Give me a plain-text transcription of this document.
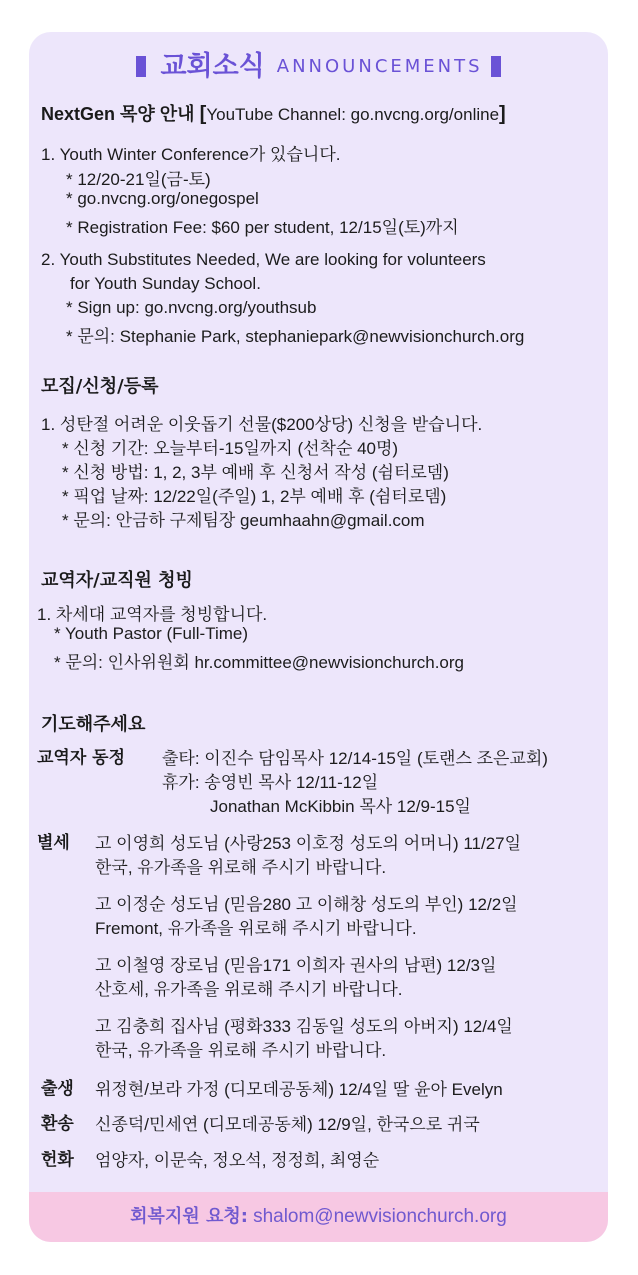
교회소식 ANNOUNCEMENTS
NextGen 목양 안내 [YouTube Channel: go.nvcng.org/online]
1. Youth Winter Conference가 있습니다.
* 12/20-21일(금-토)
* go.nvcng.org/onegospel
* Registration Fee: $60 per student, 12/15일(토)까지
2. Youth Substitutes Needed, We are looking for volunteers
for Youth Sunday School.
* Sign up: go.nvcng.org/youthsub
* 문의: Stephanie Park, stephaniepark@newvisionchurch.org
모집/신청/등록
1. 성탄절 어려운 이웃돕기 선물($200상당) 신청을 받습니다.
* 신청 기간: 오늘부터-15일까지 (선착순 40명)
* 신청 방법: 1, 2, 3부 예배 후 신청서 작성 (쉼터로뎀)
* 픽업 날짜: 12/22일(주일) 1, 2부 예배 후 (쉼터로뎀)
* 문의: 안금하 구제팀장 geumhaahn@gmail.com
교역자/교직원 청빙
1. 차세대 교역자를 청빙합니다.
* Youth Pastor (Full-Time)
* 문의: 인사위원회 hr.committee@newvisionchurch.org
기도해주세요
교역자 동정 출타: 이진수 담임목사 12/14-15일 (토랜스 조은교회)
휴가: 송영빈 목사 12/11-12일
Jonathan McKibbin 목사 12/9-15일
별세 고 이영희 성도님 (사랑253 이호정 성도의 어머니) 11/27일
한국, 유가족을 위로해 주시기 바랍니다.
고 이정순 성도님 (믿음280 고 이해창 성도의 부인) 12/2일
Fremont, 유가족을 위로해 주시기 바랍니다.
고 이철영 장로님 (믿음171 이희자 권사의 남편) 12/3일
산호세, 유가족을 위로해 주시기 바랍니다.
고 김충희 집사님 (평화333 김동일 성도의 아버지) 12/4일
한국, 유가족을 위로해 주시기 바랍니다.
출생 위정현/보라 가정 (디모데공동체) 12/4일 딸 윤아 Evelyn
환송 신종덕/민세연 (디모데공동체) 12/9일, 한국으로 귀국
헌화 엄양자, 이문숙, 정오석, 정정희, 최영순
회복지원 요청: shalom@newvisionchurch.org
